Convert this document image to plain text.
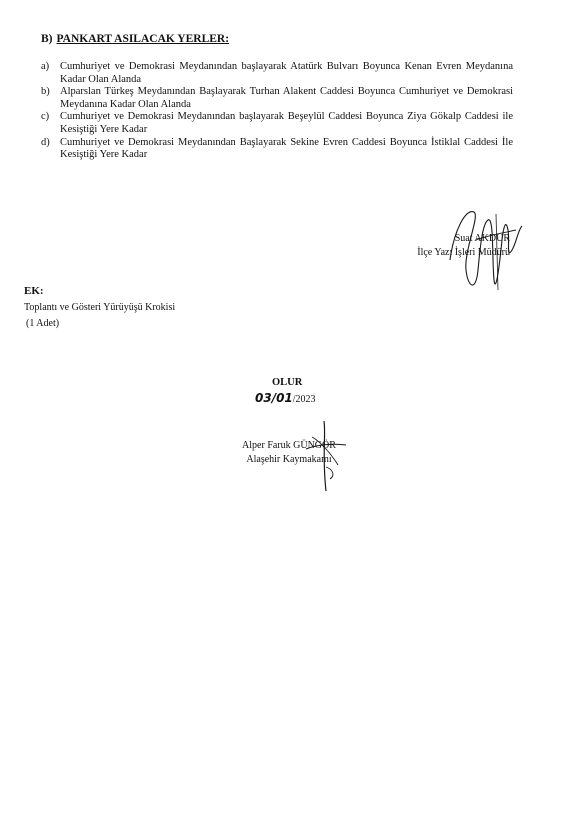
B) PANKART ASILACAK YERLER:
a) Cumhuriyet ve Demokrasi Meydanından başlayarak Atatürk Bulvarı Boyunca Kenan Evren Meydanına Kadar Olan Alanda
b) Alparslan Türkeş Meydanından Başlayarak Turhan Alakent Caddesi Boyunca Cumhuriyet ve Demokrasi Meydanına Kadar Olan Alanda
c) Cumhuriyet ve Demokrasi Meydanından başlayarak Beşeylül Caddesi Boyunca Ziya Gökalp Caddesi ile Kesiştiği Yere Kadar
d) Cumhuriyet ve Demokrasi Meydanından Başlayarak Sekine Evren Caddesi Boyunca İstiklal Caddesi İle Kesiştiği Yere Kadar
Suat AKDUR
İlçe Yazı İşleri Müdürü
EK:
Toplantı ve Gösteri Yürüyüşü Krokisi
(1 Adet)
OLUR
03/01/2023
Alper Faruk GÜNGÖR
Alaşehir Kaymakamı
